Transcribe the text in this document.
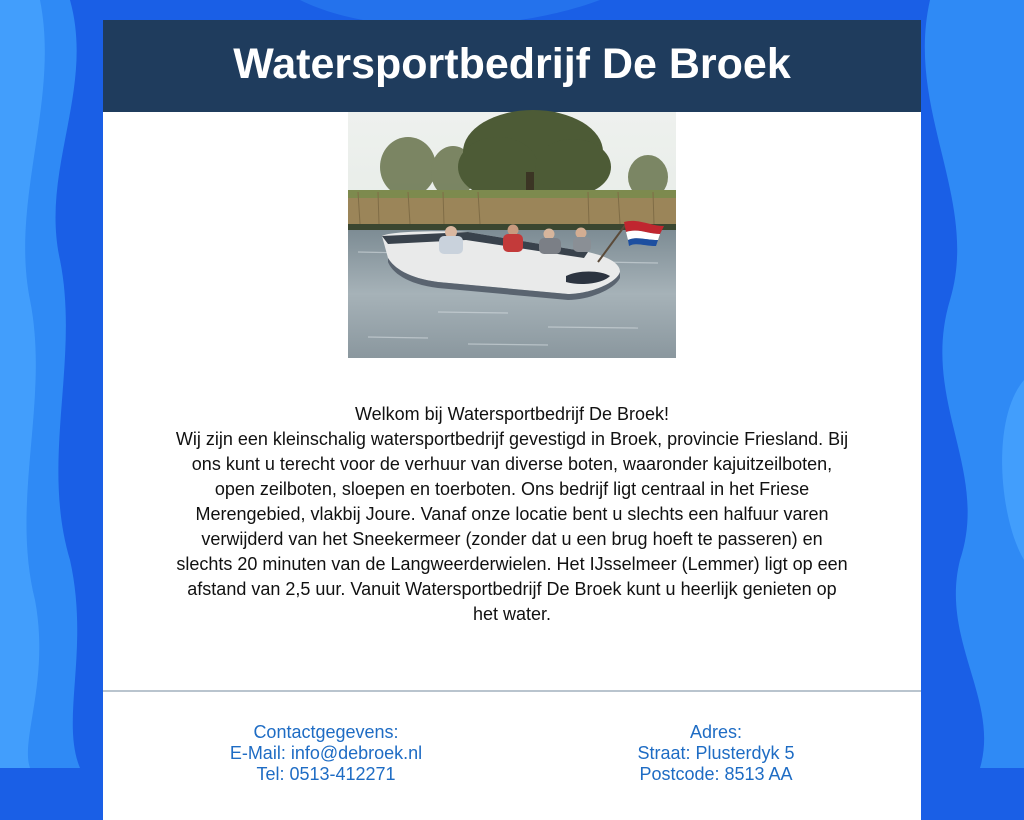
Watersportbedrijf De Broek

Welkom bij Watersportbedrijf De Broek!

Wij zijn een kleinschalig watersportbedrijf gevestigd in Broek, provincie Friesland. Bij ons kunt u terecht voor de verhuur van diverse boten, waaronder kajuitzeilboten, open zeilboten, sloepen en toerboten. Ons bedrijf ligt centraal in het Friese Merengebied, vlakbij Joure. Vanaf onze locatie bent u slechts een halfuur varen verwijderd van het Sneekermeer (zonder dat u een brug hoeft te passeren) en slechts 20 minuten van de Langweerderwielen. Het IJsselmeer (Lemmer) ligt op een afstand van 2,5 uur. Vanuit Watersportbedrijf De Broek kunt u heerlijk genieten op het water.

Contactgegevens:
E-Mail: info@debroek.nl
Tel: 0513-412271
Adres:
Straat: Plusterdyk 5
Postcode: 8513 AA
